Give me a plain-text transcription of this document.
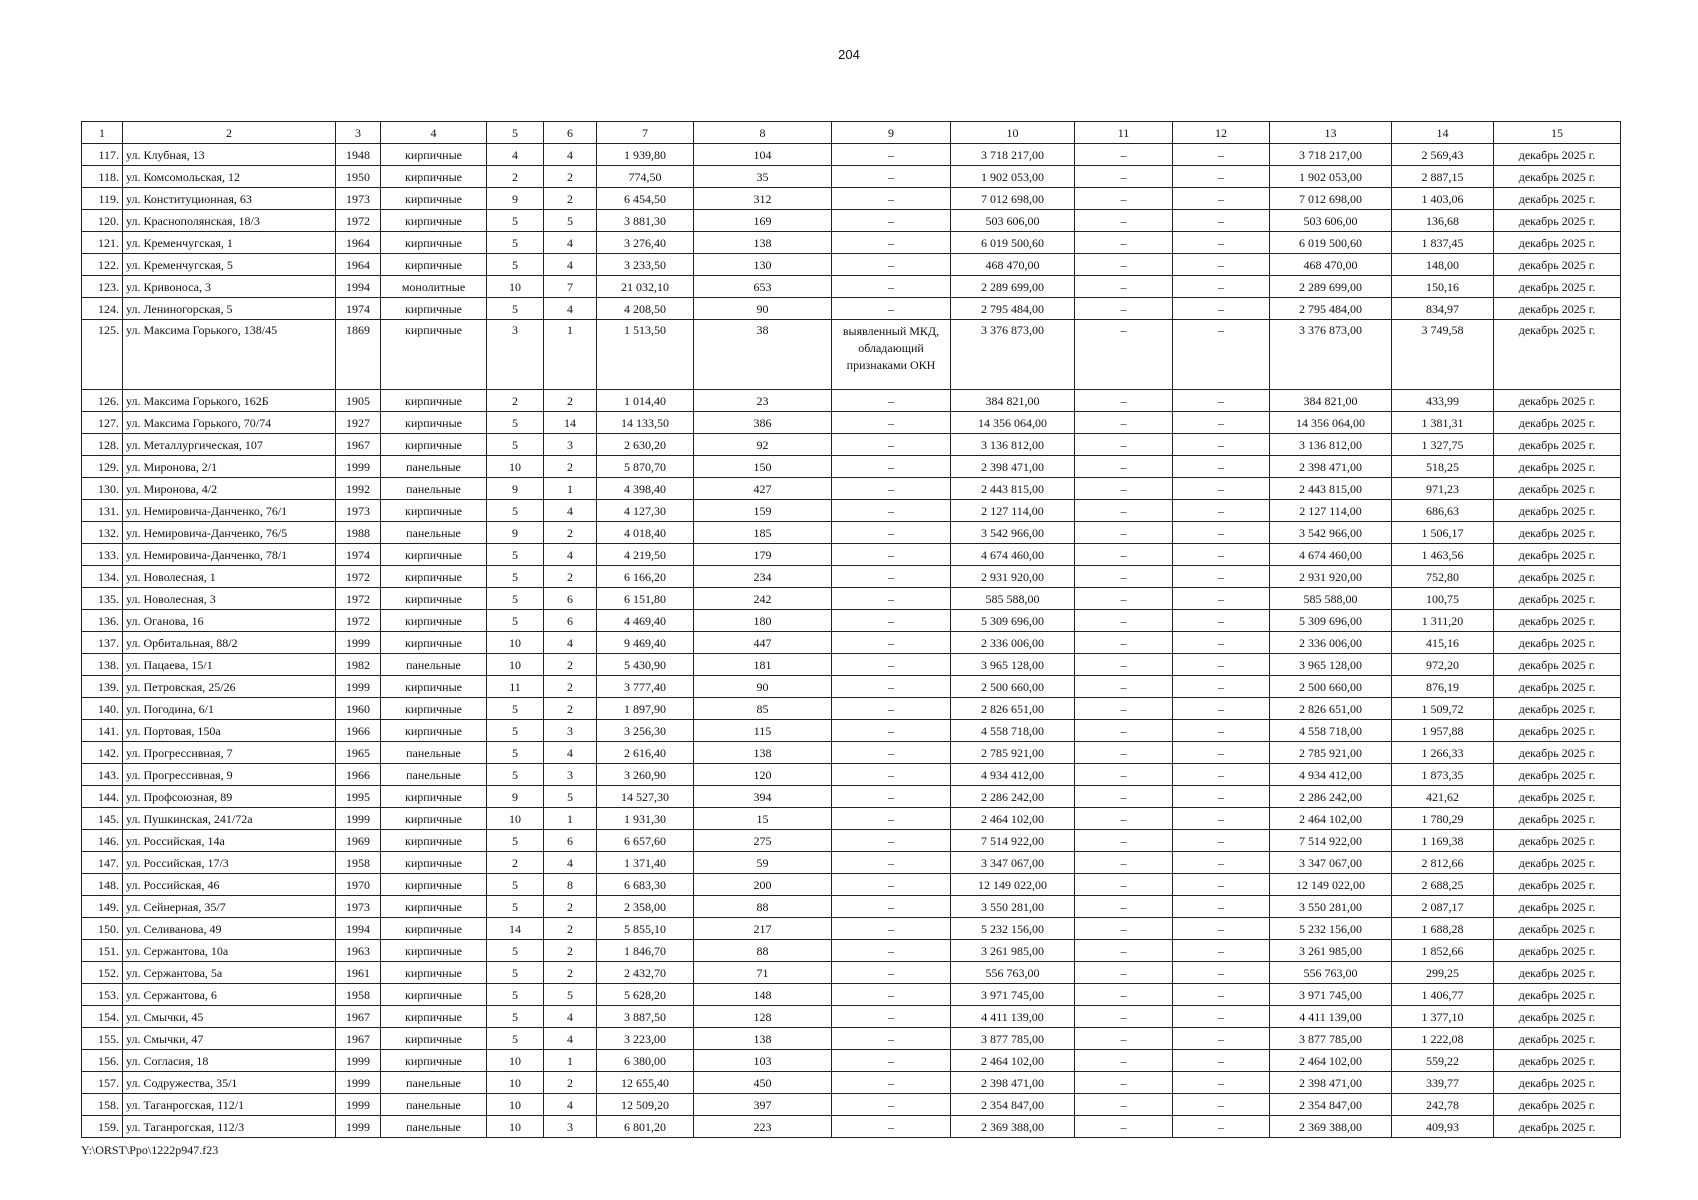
204
1	2	3	4	5	6	7	8	9	10	11	12	13	14	15
117.	ул. Клубная, 13	1948	кирпичные	4	4	1 939,80	104	–	3 718 217,00	–	–	3 718 217,00	2 569,43	декабрь 2025 г.
118.	ул. Комсомольская, 12	1950	кирпичные	2	2	774,50	35	–	1 902 053,00	–	–	1 902 053,00	2 887,15	декабрь 2025 г.
119.	ул. Конституционная, 63	1973	кирпичные	9	2	6 454,50	312	–	7 012 698,00	–	–	7 012 698,00	1 403,06	декабрь 2025 г.
120.	ул. Краснополянская, 18/3	1972	кирпичные	5	5	3 881,30	169	–	503 606,00	–	–	503 606,00	136,68	декабрь 2025 г.
121.	ул. Кременчугская, 1	1964	кирпичные	5	4	3 276,40	138	–	6 019 500,60	–	–	6 019 500,60	1 837,45	декабрь 2025 г.
122.	ул. Кременчугская, 5	1964	кирпичные	5	4	3 233,50	130	–	468 470,00	–	–	468 470,00	148,00	декабрь 2025 г.
123.	ул. Кривоноса, 3	1994	монолитные	10	7	21 032,10	653	–	2 289 699,00	–	–	2 289 699,00	150,16	декабрь 2025 г.
124.	ул. Лениногорская, 5	1974	кирпичные	5	4	4 208,50	90	–	2 795 484,00	–	–	2 795 484,00	834,97	декабрь 2025 г.
125.	ул. Максима Горького, 138/45	1869	кирпичные	3	1	1 513,50	38	выявленный МКД, обладающий признаками ОКН	3 376 873,00	–	–	3 376 873,00	3 749,58	декабрь 2025 г.
126.	ул. Максима Горького, 162Б	1905	кирпичные	2	2	1 014,40	23	–	384 821,00	–	–	384 821,00	433,99	декабрь 2025 г.
127.	ул. Максима Горького, 70/74	1927	кирпичные	5	14	14 133,50	386	–	14 356 064,00	–	–	14 356 064,00	1 381,31	декабрь 2025 г.
128.	ул. Металлургическая, 107	1967	кирпичные	5	3	2 630,20	92	–	3 136 812,00	–	–	3 136 812,00	1 327,75	декабрь 2025 г.
129.	ул. Миронова, 2/1	1999	панельные	10	2	5 870,70	150	–	2 398 471,00	–	–	2 398 471,00	518,25	декабрь 2025 г.
130.	ул. Миронова, 4/2	1992	панельные	9	1	4 398,40	427	–	2 443 815,00	–	–	2 443 815,00	971,23	декабрь 2025 г.
131.	ул. Немировича-Данченко, 76/1	1973	кирпичные	5	4	4 127,30	159	–	2 127 114,00	–	–	2 127 114,00	686,63	декабрь 2025 г.
132.	ул. Немировича-Данченко, 76/5	1988	панельные	9	2	4 018,40	185	–	3 542 966,00	–	–	3 542 966,00	1 506,17	декабрь 2025 г.
133.	ул. Немировича-Данченко, 78/1	1974	кирпичные	5	4	4 219,50	179	–	4 674 460,00	–	–	4 674 460,00	1 463,56	декабрь 2025 г.
134.	ул. Новолесная, 1	1972	кирпичные	5	2	6 166,20	234	–	2 931 920,00	–	–	2 931 920,00	752,80	декабрь 2025 г.
135.	ул. Новолесная, 3	1972	кирпичные	5	6	6 151,80	242	–	585 588,00	–	–	585 588,00	100,75	декабрь 2025 г.
136.	ул. Оганова, 16	1972	кирпичные	5	6	4 469,40	180	–	5 309 696,00	–	–	5 309 696,00	1 311,20	декабрь 2025 г.
137.	ул. Орбитальная, 88/2	1999	кирпичные	10	4	9 469,40	447	–	2 336 006,00	–	–	2 336 006,00	415,16	декабрь 2025 г.
138.	ул. Пацаева, 15/1	1982	панельные	10	2	5 430,90	181	–	3 965 128,00	–	–	3 965 128,00	972,20	декабрь 2025 г.
139.	ул. Петровская, 25/26	1999	кирпичные	11	2	3 777,40	90	–	2 500 660,00	–	–	2 500 660,00	876,19	декабрь 2025 г.
140.	ул. Погодина, 6/1	1960	кирпичные	5	2	1 897,90	85	–	2 826 651,00	–	–	2 826 651,00	1 509,72	декабрь 2025 г.
141.	ул. Портовая, 150а	1966	кирпичные	5	3	3 256,30	115	–	4 558 718,00	–	–	4 558 718,00	1 957,88	декабрь 2025 г.
142.	ул. Прогрессивная, 7	1965	панельные	5	4	2 616,40	138	–	2 785 921,00	–	–	2 785 921,00	1 266,33	декабрь 2025 г.
143.	ул. Прогрессивная, 9	1966	панельные	5	3	3 260,90	120	–	4 934 412,00	–	–	4 934 412,00	1 873,35	декабрь 2025 г.
144.	ул. Профсоюзная, 89	1995	кирпичные	9	5	14 527,30	394	–	2 286 242,00	–	–	2 286 242,00	421,62	декабрь 2025 г.
145.	ул. Пушкинская, 241/72а	1999	кирпичные	10	1	1 931,30	15	–	2 464 102,00	–	–	2 464 102,00	1 780,29	декабрь 2025 г.
146.	ул. Российская, 14а	1969	кирпичные	5	6	6 657,60	275	–	7 514 922,00	–	–	7 514 922,00	1 169,38	декабрь 2025 г.
147.	ул. Российская, 17/3	1958	кирпичные	2	4	1 371,40	59	–	3 347 067,00	–	–	3 347 067,00	2 812,66	декабрь 2025 г.
148.	ул. Российская, 46	1970	кирпичные	5	8	6 683,30	200	–	12 149 022,00	–	–	12 149 022,00	2 688,25	декабрь 2025 г.
149.	ул. Сейнерная, 35/7	1973	кирпичные	5	2	2 358,00	88	–	3 550 281,00	–	–	3 550 281,00	2 087,17	декабрь 2025 г.
150.	ул. Селиванова, 49	1994	кирпичные	14	2	5 855,10	217	–	5 232 156,00	–	–	5 232 156,00	1 688,28	декабрь 2025 г.
151.	ул. Сержантова, 10а	1963	кирпичные	5	2	1 846,70	88	–	3 261 985,00	–	–	3 261 985,00	1 852,66	декабрь 2025 г.
152.	ул. Сержантова, 5а	1961	кирпичные	5	2	2 432,70	71	–	556 763,00	–	–	556 763,00	299,25	декабрь 2025 г.
153.	ул. Сержантова, 6	1958	кирпичные	5	5	5 628,20	148	–	3 971 745,00	–	–	3 971 745,00	1 406,77	декабрь 2025 г.
154.	ул. Смычки, 45	1967	кирпичные	5	4	3 887,50	128	–	4 411 139,00	–	–	4 411 139,00	1 377,10	декабрь 2025 г.
155.	ул. Смычки, 47	1967	кирпичные	5	4	3 223,00	138	–	3 877 785,00	–	–	3 877 785,00	1 222,08	декабрь 2025 г.
156.	ул. Согласия, 18	1999	кирпичные	10	1	6 380,00	103	–	2 464 102,00	–	–	2 464 102,00	559,22	декабрь 2025 г.
157.	ул. Содружества, 35/1	1999	панельные	10	2	12 655,40	450	–	2 398 471,00	–	–	2 398 471,00	339,77	декабрь 2025 г.
158.	ул. Таганрогская, 112/1	1999	панельные	10	4	12 509,20	397	–	2 354 847,00	–	–	2 354 847,00	242,78	декабрь 2025 г.
159.	ул. Таганрогская, 112/3	1999	панельные	10	3	6 801,20	223	–	2 369 388,00	–	–	2 369 388,00	409,93	декабрь 2025 г.
Y:\ORST\Ppo\1222p947.f23
